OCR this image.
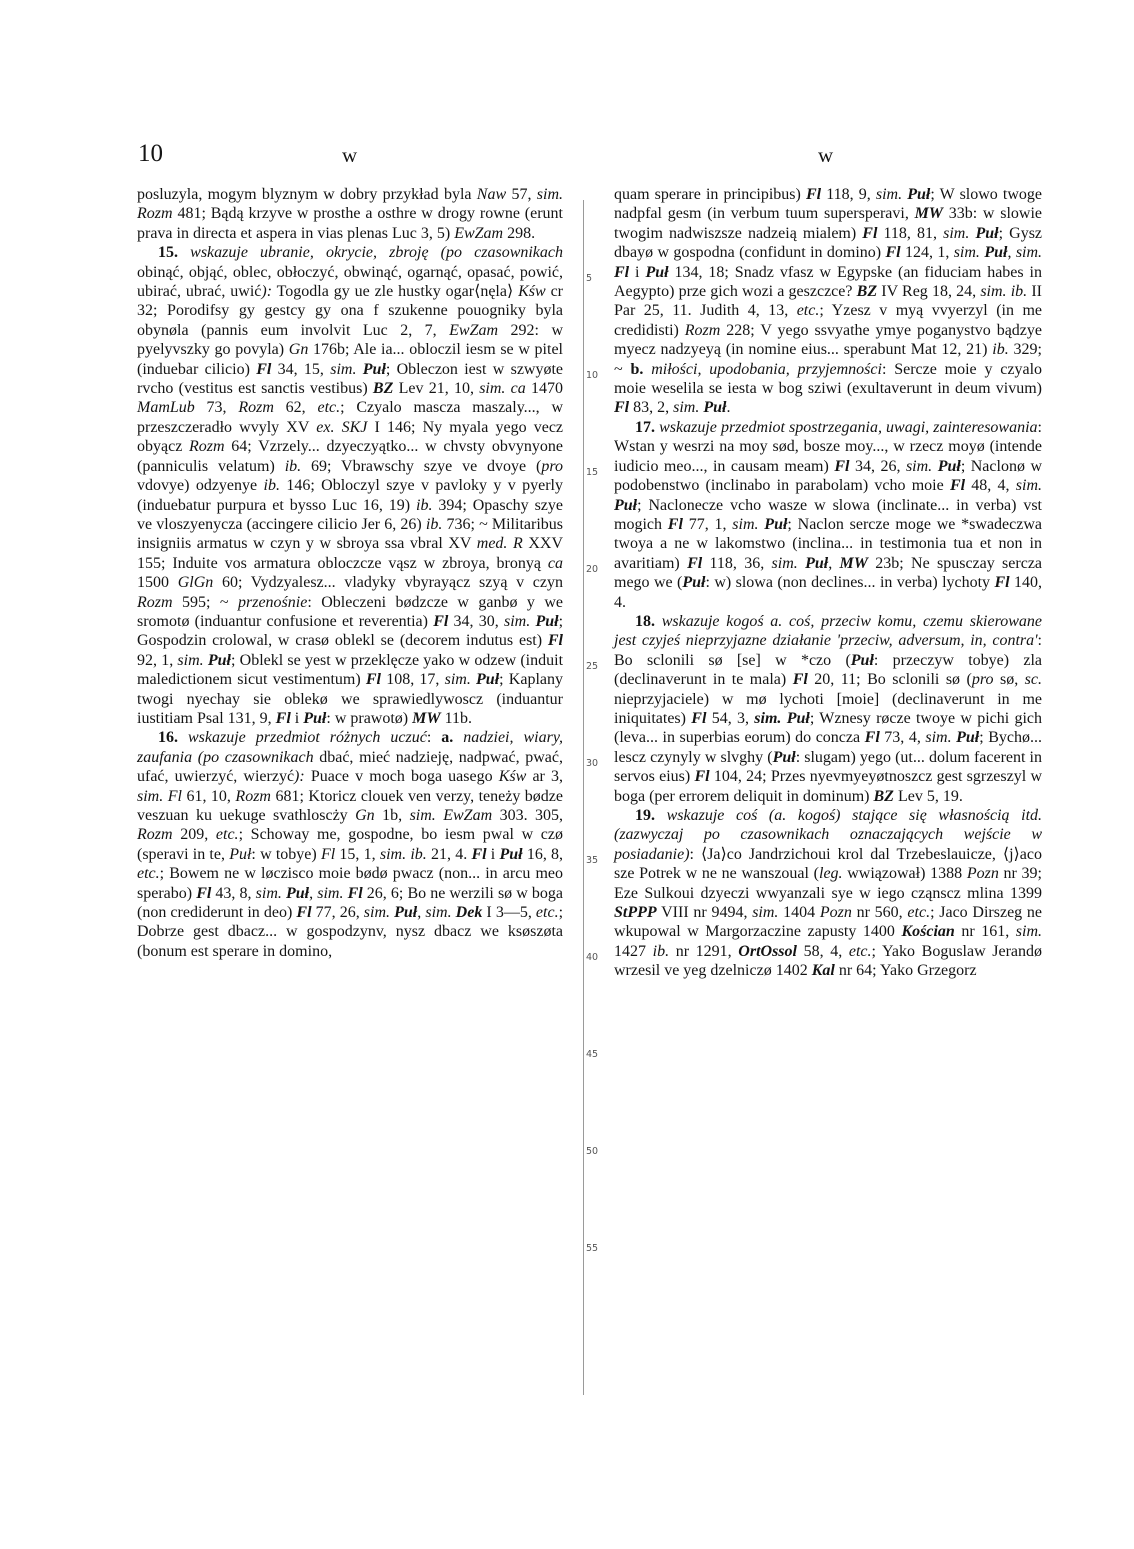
10	w	w

posluzyla, mogym blyznym w dobry przykład byla Naw 57, sim. Rozm 481; Bądą krzyve w prosthe a osthre w drogy rowne (erunt prava in directa et aspera in vias plenas Luc 3, 5) EwZam 298.

15. wskazuje ubranie, okrycie, zbroję (po czasownikach obinąć, objąć, oblec, obłoczyć, obwinąć, ogarnąć, opasać, powić, ubirać, ubrać, uwić): Togodla gy ue zle hustky ogar⟨nęla⟩ Kśw cr 32; Porodifsy gy gestcy gy ona f szukenne pouogniky byla obynøla (pannis eum involvit Luc 2, 7, EwZam 292: w pyelyvszky go povyla) Gn 176b; Ale ia... obloczil iesm se w pitel (induebar cilicio) Fl 34, 15, sim. Puł; Obleczon iest w szwyøte rvcho (vestitus est sanctis vestibus) BZ Lev 21, 10, sim. ca 1470 MamLub 73, Rozm 62, etc.; Czyalo mascza maszaly..., w przeszczeradło wvyly XV ex. SKJ I 146; Ny myala yego vecz obyącz Rozm 64; Vzrzely... dzyeczyątko... w chvsty obvynyone (panniculis velatum) ib. 69; Vbrawschy szye ve dvoye (pro vdovye) odzyenye ib. 146; Obloczyl szye v pavloky y v pyerly (induebatur purpura et bysso Luc 16, 19) ib. 394; Opaschy szye ve vloszyenycza (accingere cilicio Jer 6, 26) ib. 736; ~ Militaribus insigniis armatus w czyn y w sbroya ssa vbral XV med. R XXV 155; Induite vos armatura obloczcze vąsz w zbroya, bronyą ca 1500 GlGn 60; Vydzyalesz... vladyky vbyrayącz szyą v czyn Rozm 595; ~ przenośnie: Obleczeni bødzcze w ganbø y we sromotø (induantur confusione et reverentia) Fl 34, 30, sim. Puł; Gospodzin crolowal, w crasø oblekl se (decorem indutus est) Fl 92, 1, sim. Puł; Oblekl se yest w przeklęcze yako w odzew (induit maledictionem sicut vestimentum) Fl 108, 17, sim. Puł; Kaplany twogi nyechay sie oblekø we sprawiedlywoscz (induantur iustitiam Psal 131, 9, Fl i Puł: w prawotø) MW 11b.

16. wskazuje przedmiot różnych uczuć: a. nadziei, wiary, zaufania (po czasownikach dbać, mieć nadzieję, nadpwać, pwać, ufać, uwierzyć, wierzyć): Puace v moch boga uasego Kśw ar 3, sim. Fl 61, 10, Rozm 681; Ktoricz clouek ven verzy, teneży bødze veszuan ku uekuge svathloscży Gn 1b, sim. EwZam 303. 305, Rozm 209, etc.; Schoway me, gospodne, bo iesm pwal w czø (speravi in te, Puł: w tobye) Fl 15, 1, sim. ib. 21, 4. Fl i Puł 16, 8, etc.; Bowem ne w løczisco moie bødø pwacz (non... in arcu meo sperabo) Fl 43, 8, sim. Puł, sim. Fl 26, 6; Bo ne werzili sø w boga (non crediderunt in deo) Fl 77, 26, sim. Puł, sim. Dek I 3—5, etc.; Dobrze gest dbacz... w gospodzynv, nysz dbacz we ksøszøta (bonum est sperare in domino,

5
10
15
20
25
30
35
40
45
50
55

quam sperare in principibus) Fl 118, 9, sim. Puł; W slowo twoge nadpfal gesm (in verbum tuum supersperavi, MW 33b: w slowie twogim nadwiszsze nadzeią mialem) Fl 118, 81, sim. Puł; Gysz dbayø w gospodna (confidunt in domino) Fl 124, 1, sim. Puł, sim. Fl i Puł 134, 18; Snadz vfasz w Egypske (an fiduciam habes in Aegypto) prze gich wozi a geszczce? BZ IV Reg 18, 24, sim. ib. II Par 25, 11. Judith 4, 13, etc.; Yzesz v myą vvyerzyl (in me credidisti) Rozm 228; V yego ssvyathe ymye poganystvo bądzye myecz nadzyeyą (in nomine eius... sperabunt Mat 12, 21) ib. 329; ~ b. miłości, upodobania, przyjemności: Sercze moie y czyalo moie weselila se iesta w bog sziwi (exultaverunt in deum vivum) Fl 83, 2, sim. Puł.

17. wskazuje przedmiot spostrzegania, uwagi, zainteresowania: Wstan y wesrzi na moy sød, bosze moy..., w rzecz moyø (intende iudicio meo..., in causam meam) Fl 34, 26, sim. Puł; Naclonø w podobenstwo (inclinabo in parabolam) vcho moie Fl 48, 4, sim. Puł; Naclonecze vcho wasze w slowa (inclinate... in verba) vst mogich Fl 77, 1, sim. Puł; Naclon sercze moge we *swadeczwa twoya a ne w lakomstwo (inclina... in testimonia tua et non in avaritiam) Fl 118, 36, sim. Puł, MW 23b; Ne spusczay sercza mego we (Puł: w) slowa (non declines... in verba) lychoty Fl 140, 4.

18. wskazuje kogoś a. coś, przeciw komu, czemu skierowane jest czyjeś nieprzyjazne działanie 'przeciw, adversum, in, contra': Bo sclonili sø [se] w *czo (Puł: przeczyw tobye) zla (declinaverunt in te mala) Fl 20, 11; Bo sclonili sø (pro sø, sc. nieprzyjaciele) w mø lychoti [moie] (declinaverunt in me iniquitates) Fl 54, 3, sim. Puł; Wznesy røcze twoye w pichi gich (leva... in superbias eorum) do concza Fl 73, 4, sim. Puł; Bychø... lescz czynyly w slvghy (Puł: slugam) yego (ut... dolum facerent in servos eius) Fl 104, 24; Przes nyevmyeyøtnoszcz gest sgrzeszyl w boga (per errorem deliquit in dominum) BZ Lev 5, 19.

19. wskazuje coś (a. kogoś) stające się własnością itd. (zazwyczaj po czasownikach oznaczających wejście w posiadanie): ⟨Ja⟩co Jandrzichoui krol dal Trzebeslauicze, ⟨j⟩aco sze Potrek w ne ne wanszoual (leg. wwiązował) 1388 Pozn nr 39; Eze Sulkoui dzyeczi wwyanzali sye w iego cząnscz mlina 1399 StPPP VIII nr 9494, sim. 1404 Pozn nr 560, etc.; Jaco Dirszeg ne wkupowal w Margorzaczine zapusty 1400 Kościan nr 161, sim. 1427 ib. nr 1291, OrtOssol 58, 4, etc.; Yako Boguslaw Jerandø wrzesil ve yeg dzelniczø 1402 Kal nr 64; Yako Grzegorz
